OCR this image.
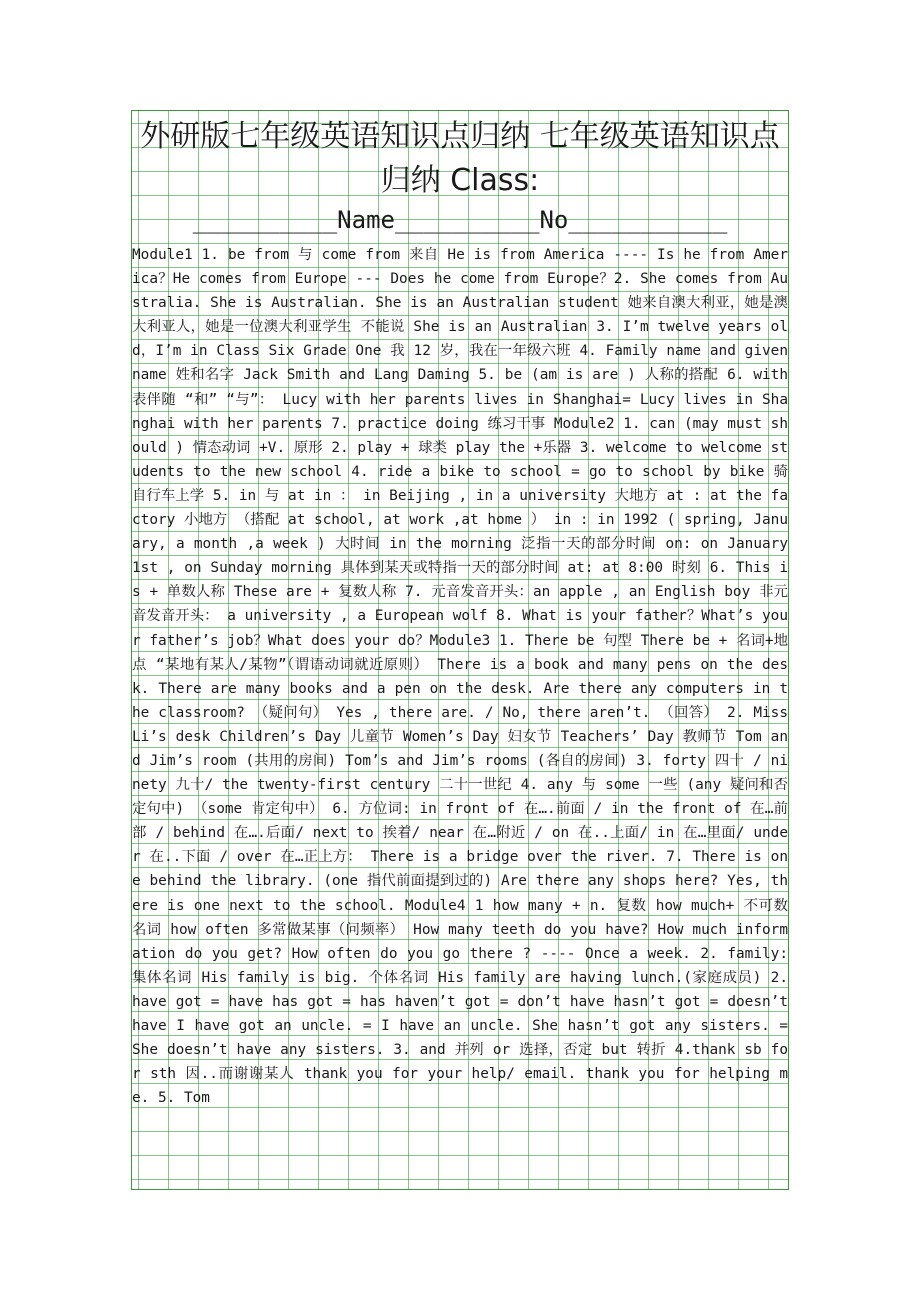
外研版七年级英语知识点归纳 七年级英语知识点归纳 Class:
__________Name__________No___________
Module1 1. be from 与 come from 来自 He is from America ---- Is he from America？He comes from Europe --- Does he come from Europe？2. She comes from Australia. She is Australian. She is an Australian student 她来自澳大利亚，她是澳大利亚人，她是一位澳大利亚学生 不能说 She is an Australian 3. I’m twelve years old，I’m in Class Six Grade One 我 12 岁，我在一年级六班 4. Family name and given name 姓和名字 Jack Smith and Lang Daming 5. be (am is are ) 人称的搭配 6. with 表伴随 “和” “与”： Lucy with her parents lives in Shanghai= Lucy lives in Shanghai with her parents 7. practice doing 练习干事 Module2 1. can (may must should ) 情态动词 +V. 原形 2. play + 球类 play the +乐器 3. welcome to welcome students to the new school 4. ride a bike to school = go to school by bike 骑自行车上学 5. in 与 at in ： in Beijing , in a university 大地方 at : at the factory 小地方 （搭配 at school, at work ,at home ） in : in 1992 ( spring, January, a month ,a week ) 大时间 in the morning 泛指一天的部分时间 on: on January 1st , on Sunday morning 具体到某天或特指一天的部分时间 at: at 8:00 时刻 6. This is + 单数人称 These are + 复数人称 7. 元音发音开头：an apple , an English boy 非元音发音开头： a university , a European wolf 8. What is your father？What’s your father’s job？What does your do？Module3 1. There be 句型 There be + 名词+地点 “某地有某人/某物”（谓语动词就近原则） There is a book and many pens on the desk. There are many books and a pen on the desk. Are there any computers in the classroom? （疑问句） Yes , there are. / No, there aren’t. （回答） 2. Miss Li’s desk Children’s Day 儿童节 Women’s Day 妇女节 Teachers’ Day 教师节 Tom and Jim’s room (共用的房间) Tom’s and Jim’s rooms (各自的房间) 3. forty 四十 / ninety 九十/ the twenty-first century 二十一世纪 4. any 与 some 一些 (any 疑问和否定句中) （some 肯定句中） 6. 方位词: in front of 在….前面 / in the front of 在…前部 / behind 在….后面/ next to 挨着/ near 在…附近 / on 在..上面/ in 在…里面/ under 在..下面 / over 在…正上方： There is a bridge over the river. 7. There is one behind the library. (one 指代前面提到过的) Are there any shops here? Yes, there is one next to the school. Module4 1 how many + n. 复数 how much+ 不可数名词 how often 多常做某事（问频率） How many teeth do you have? How much information do you get? How often do you go there ? ---- Once a week. 2. family: 集体名词 His family is big. 个体名词 His family are having lunch.(家庭成员) 2. have got = have has got = has haven’t got = don’t have hasn’t got = doesn’t have I have got an uncle. = I have an uncle. She hasn’t got any sisters. = She doesn’t have any sisters. 3. and 并列 or 选择，否定 but 转折 4.thank sb for sth 因..而谢谢某人 thank you for your help/ email. thank you for helping me. 5. Tom
